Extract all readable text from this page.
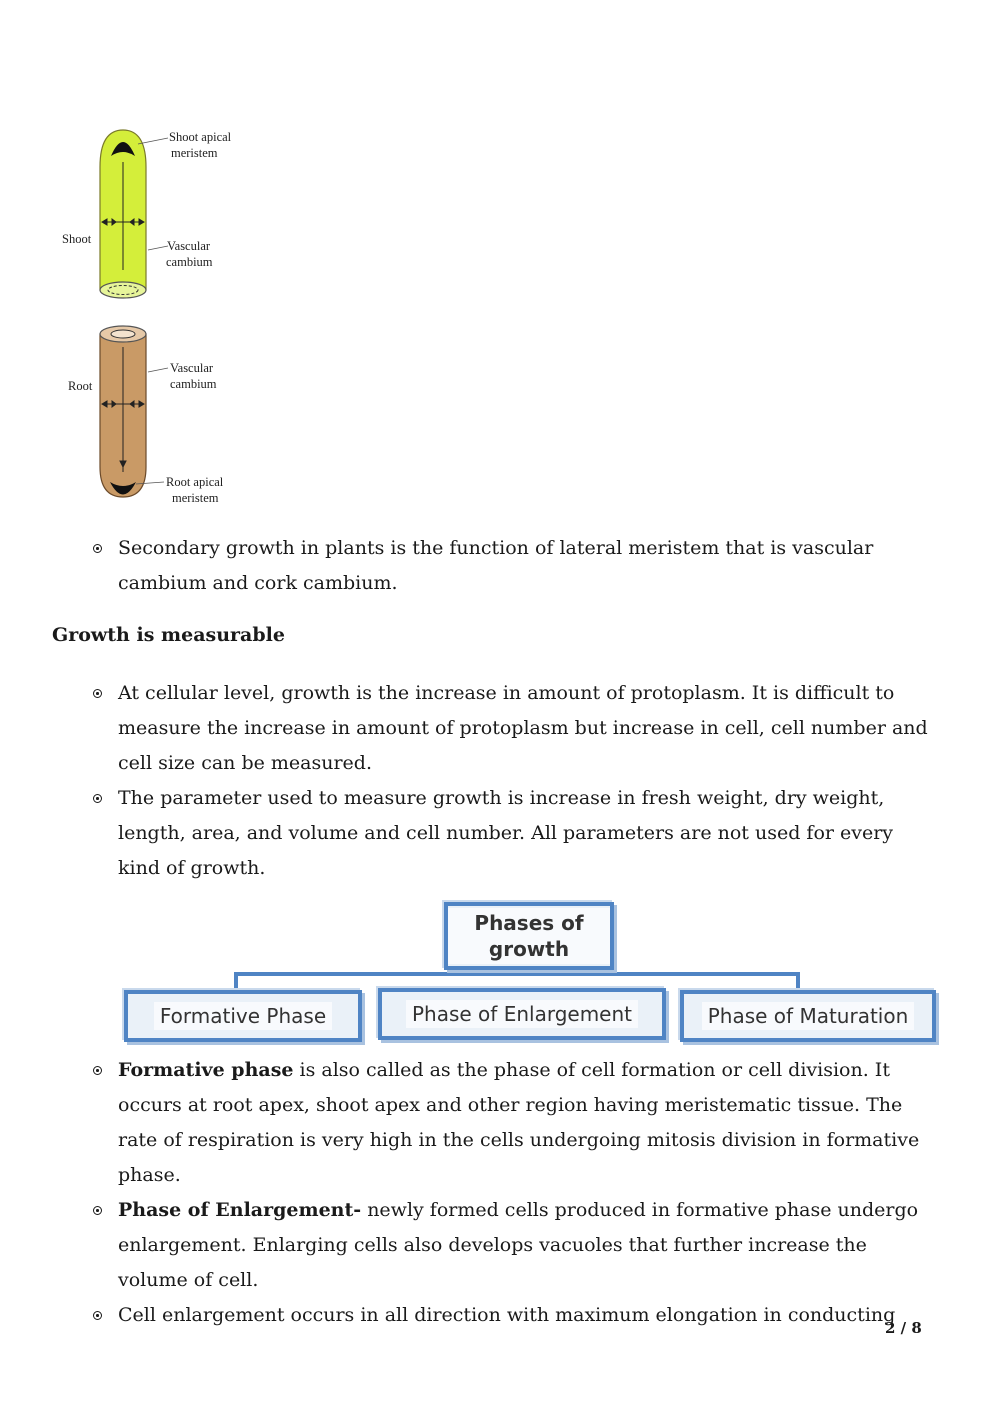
Shoot apical
meristem
Shoot	Vascular
cambium
Vascular
cambium
Root
Root apical
meristem
Secondary growth in plants is the function of lateral meristem that is vascular cambium and cork cambium.
Growth is measurable
At cellular level, growth is the increase in amount of protoplasm. It is difficult to measure the increase in amount of protoplasm but increase in cell, cell number and cell size can be measured.
The parameter used to measure growth is increase in fresh weight, dry weight, length, area, and volume and cell number. All parameters are not used for every kind of growth.
Phases of growth
Formative Phase	Phase of Enlargement	Phase of Maturation
Formative phase is also called as the phase of cell formation or cell division. It occurs at root apex, shoot apex and other region having meristematic tissue. The rate of respiration is very high in the cells undergoing mitosis division in formative phase.
Phase of Enlargement- newly formed cells produced in formative phase undergo enlargement. Enlarging cells also develops vacuoles that further increase the volume of cell.
Cell enlargement occurs in all direction with maximum elongation in conducting
2 / 8
